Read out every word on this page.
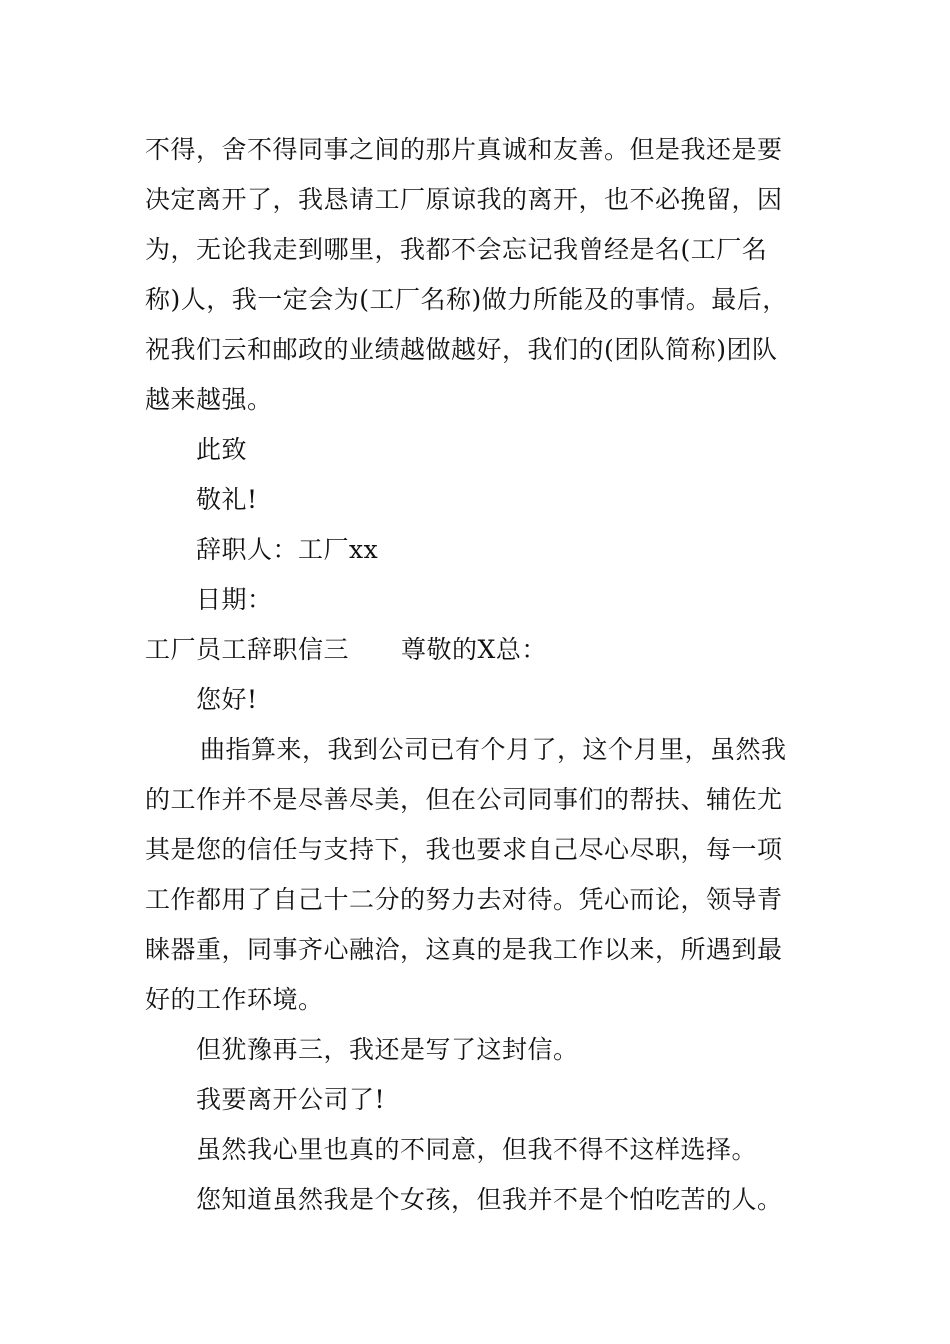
不得，舍不得同事之间的那片真诚和友善。但是我还是要
决定离开了，我恳请工厂原谅我的离开，也不必挽留，因
为，无论我走到哪里，我都不会忘记我曾经是名(工厂名
称)人，我一定会为(工厂名称)做力所能及的事情。最后，
祝我们云和邮政的业绩越做越好，我们的(团队简称)团队
越来越强。
此致
敬礼!
辞职人：工厂xx
日期：
工厂员工辞职信三 尊敬的X总：
您好!
曲指算来，我到公司已有个月了，这个月里，虽然我
的工作并不是尽善尽美，但在公司同事们的帮扶、辅佐尤
其是您的信任与支持下，我也要求自己尽心尽职，每一项
工作都用了自己十二分的努力去对待。凭心而论，领导青
睐器重，同事齐心融洽，这真的是我工作以来，所遇到最
好的工作环境。
但犹豫再三，我还是写了这封信。
我要离开公司了!
虽然我心里也真的不同意，但我不得不这样选择。
您知道虽然我是个女孩，但我并不是个怕吃苦的人。
